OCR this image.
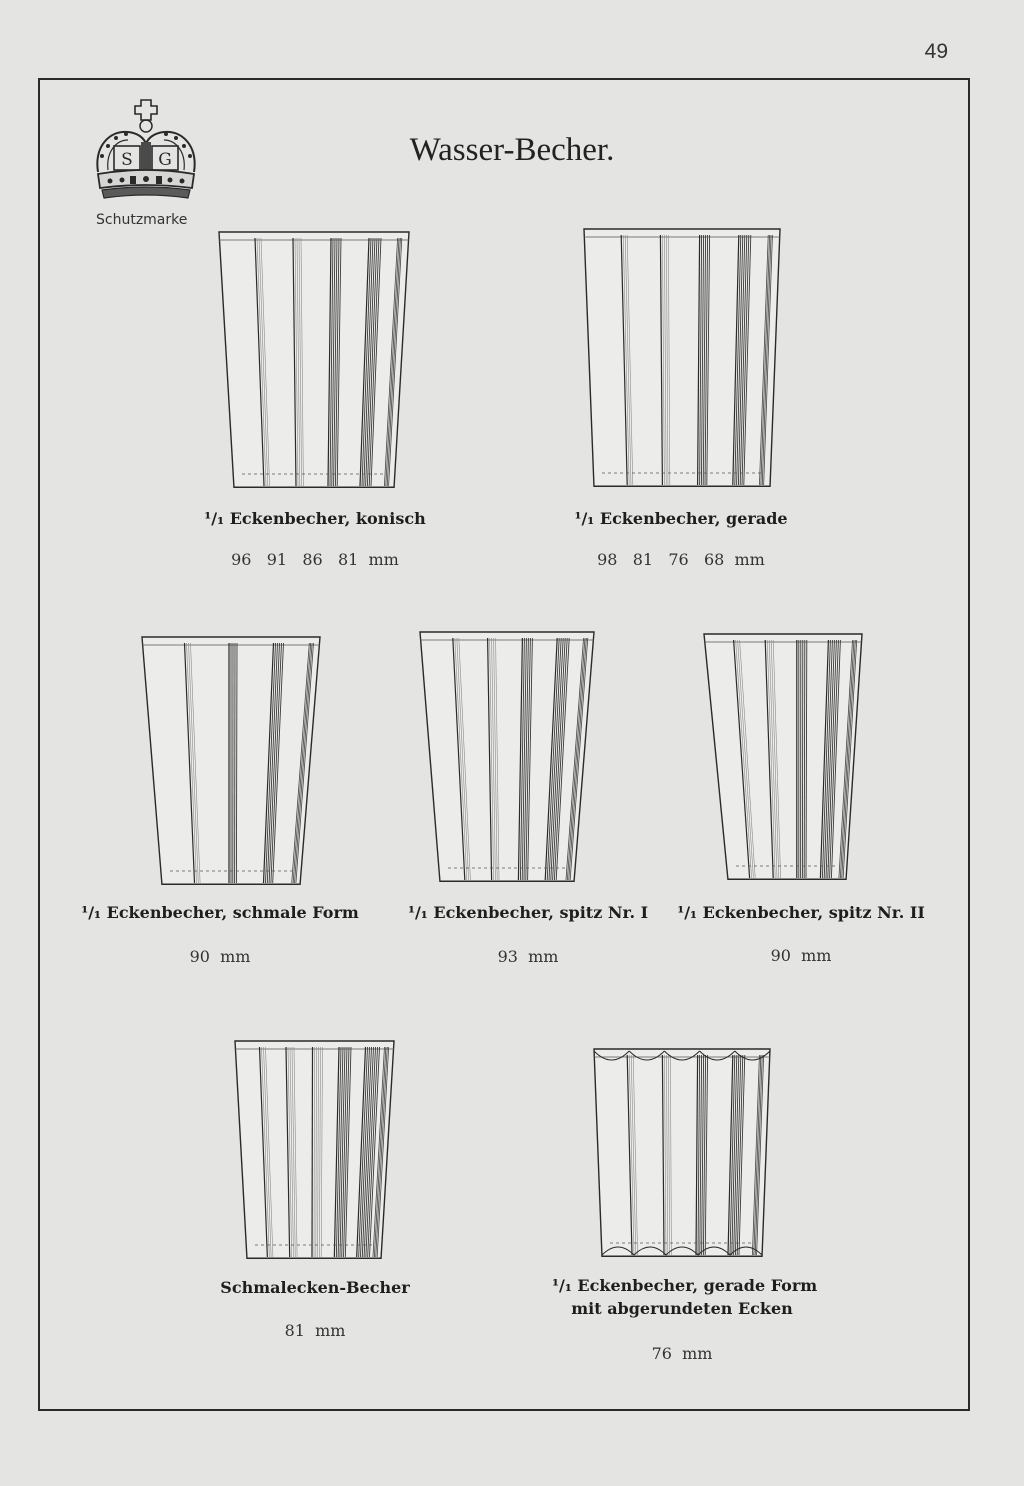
49
S G
Schutzmarke
Wasser-Becher.
¹/₁ Eckenbecher, konisch
96   91   86   81  mm
¹/₁ Eckenbecher, gerade
98   81   76   68  mm
¹/₁ Eckenbecher, schmale Form
90  mm
¹/₁ Eckenbecher, spitz Nr. I
93  mm
¹/₁ Eckenbecher, spitz Nr. II
90  mm
Schmalecken-Becher
81  mm
¹/₁ Eckenbecher, gerade Form
mit abgerundeten Ecken
76  mm
